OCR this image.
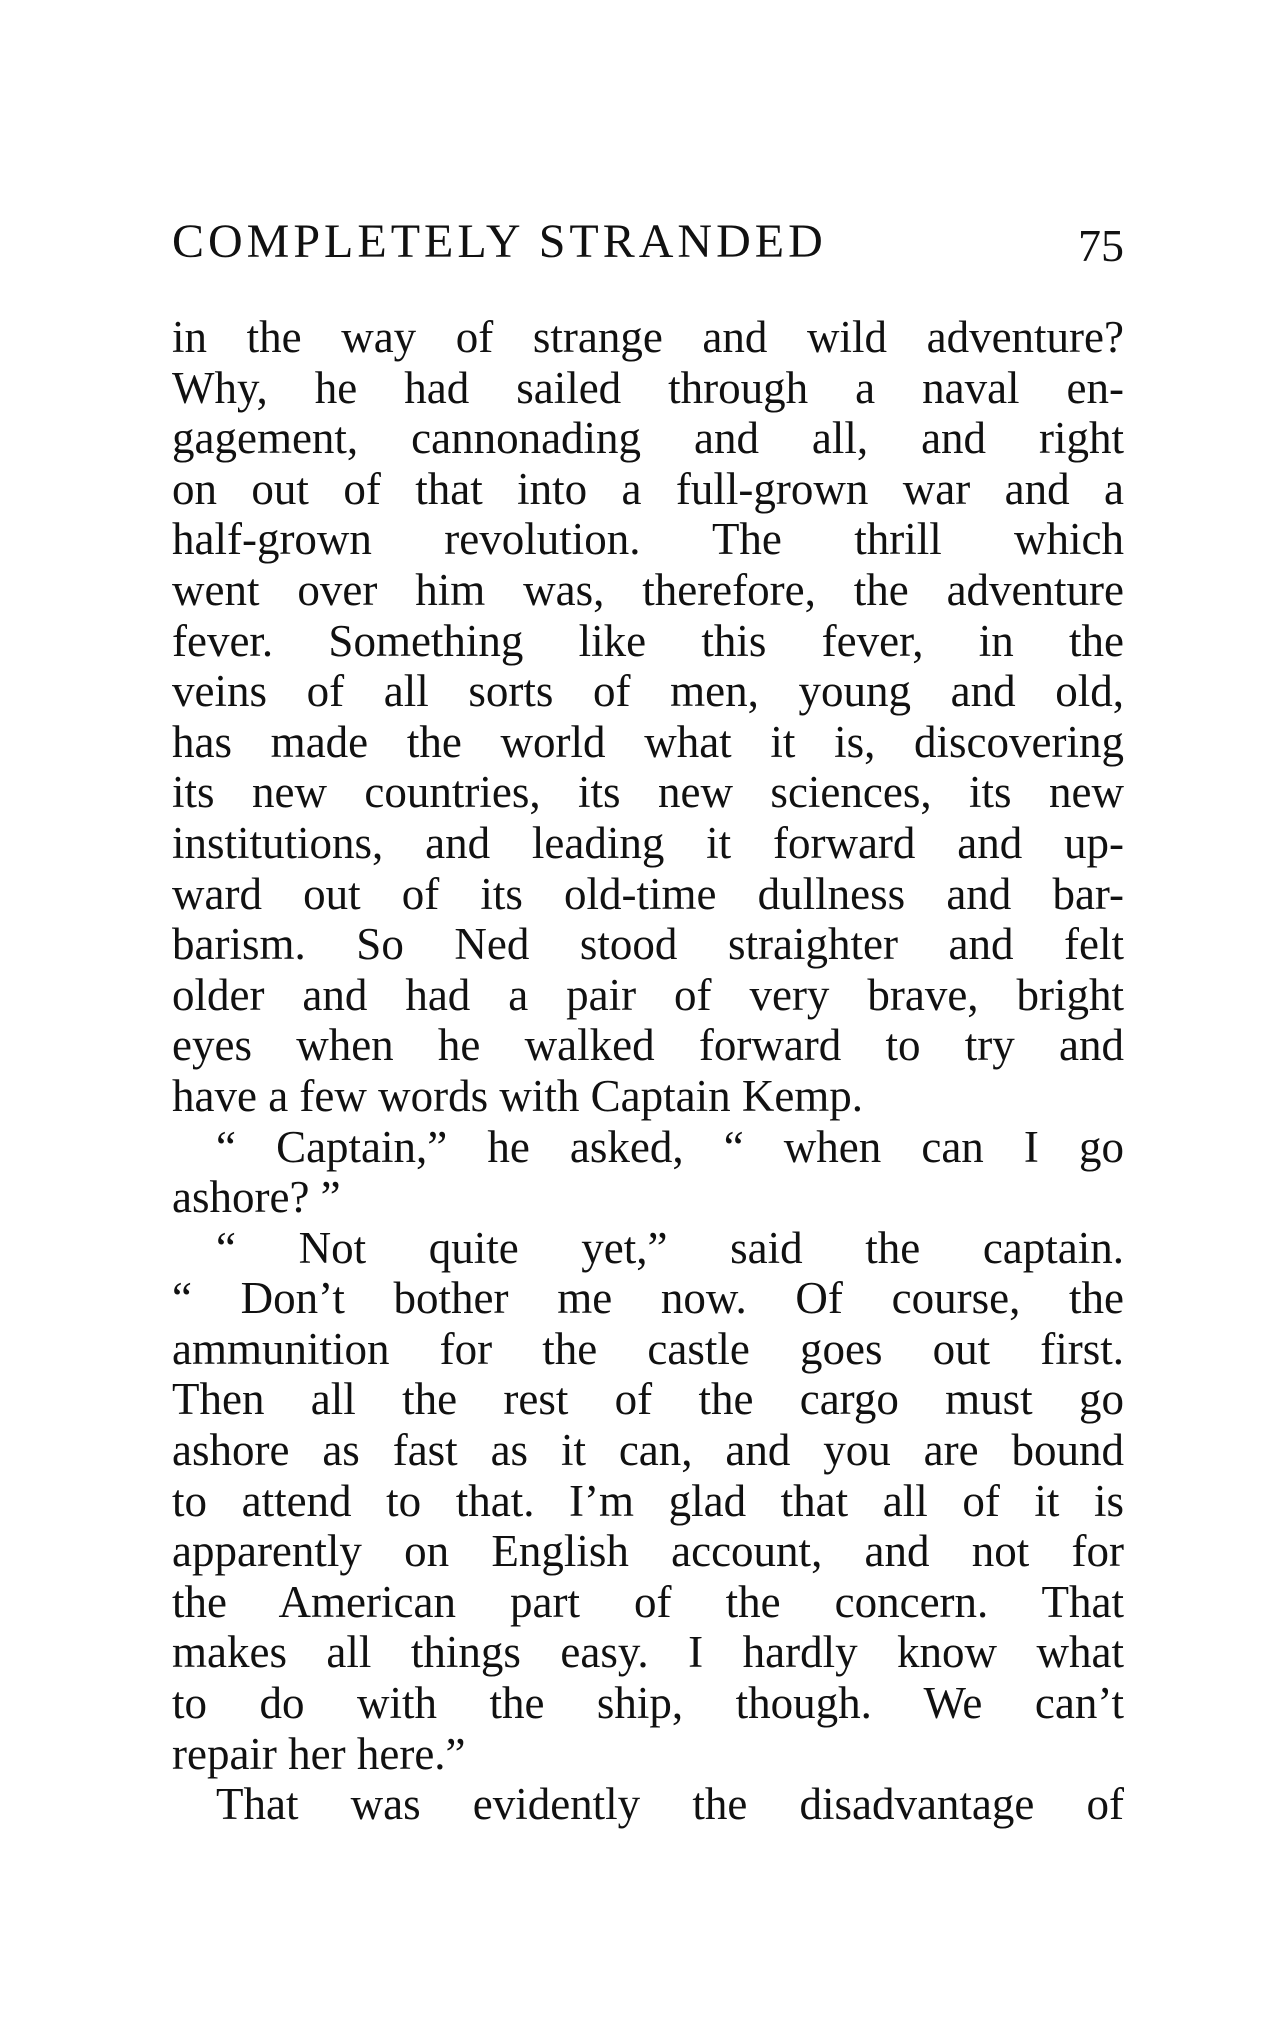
COMPLETELY STRANDED	75
in the way of strange and wild adventure?
Why, he had sailed through a naval en-
gagement, cannonading and all, and right
on out of that into a full-grown war and a
half-grown revolution. The thrill which
went over him was, therefore, the adventure
fever. Something like this fever, in the
veins of all sorts of men, young and old,
has made the world what it is, discovering
its new countries, its new sciences, its new
institutions, and leading it forward and up-
ward out of its old-time dullness and bar-
barism. So Ned stood straighter and felt
older and had a pair of very brave, bright
eyes when he walked forward to try and
have a few words with Captain Kemp.
“ Captain,” he asked, “ when can I go
ashore? ”
“ Not quite yet,” said the captain.
“ Don’t bother me now. Of course, the
ammunition for the castle goes out first.
Then all the rest of the cargo must go
ashore as fast as it can, and you are bound
to attend to that. I’m glad that all of it is
apparently on English account, and not for
the American part of the concern. That
makes all things easy. I hardly know what
to do with the ship, though. We can’t
repair her here.”
That was evidently the disadvantage of
